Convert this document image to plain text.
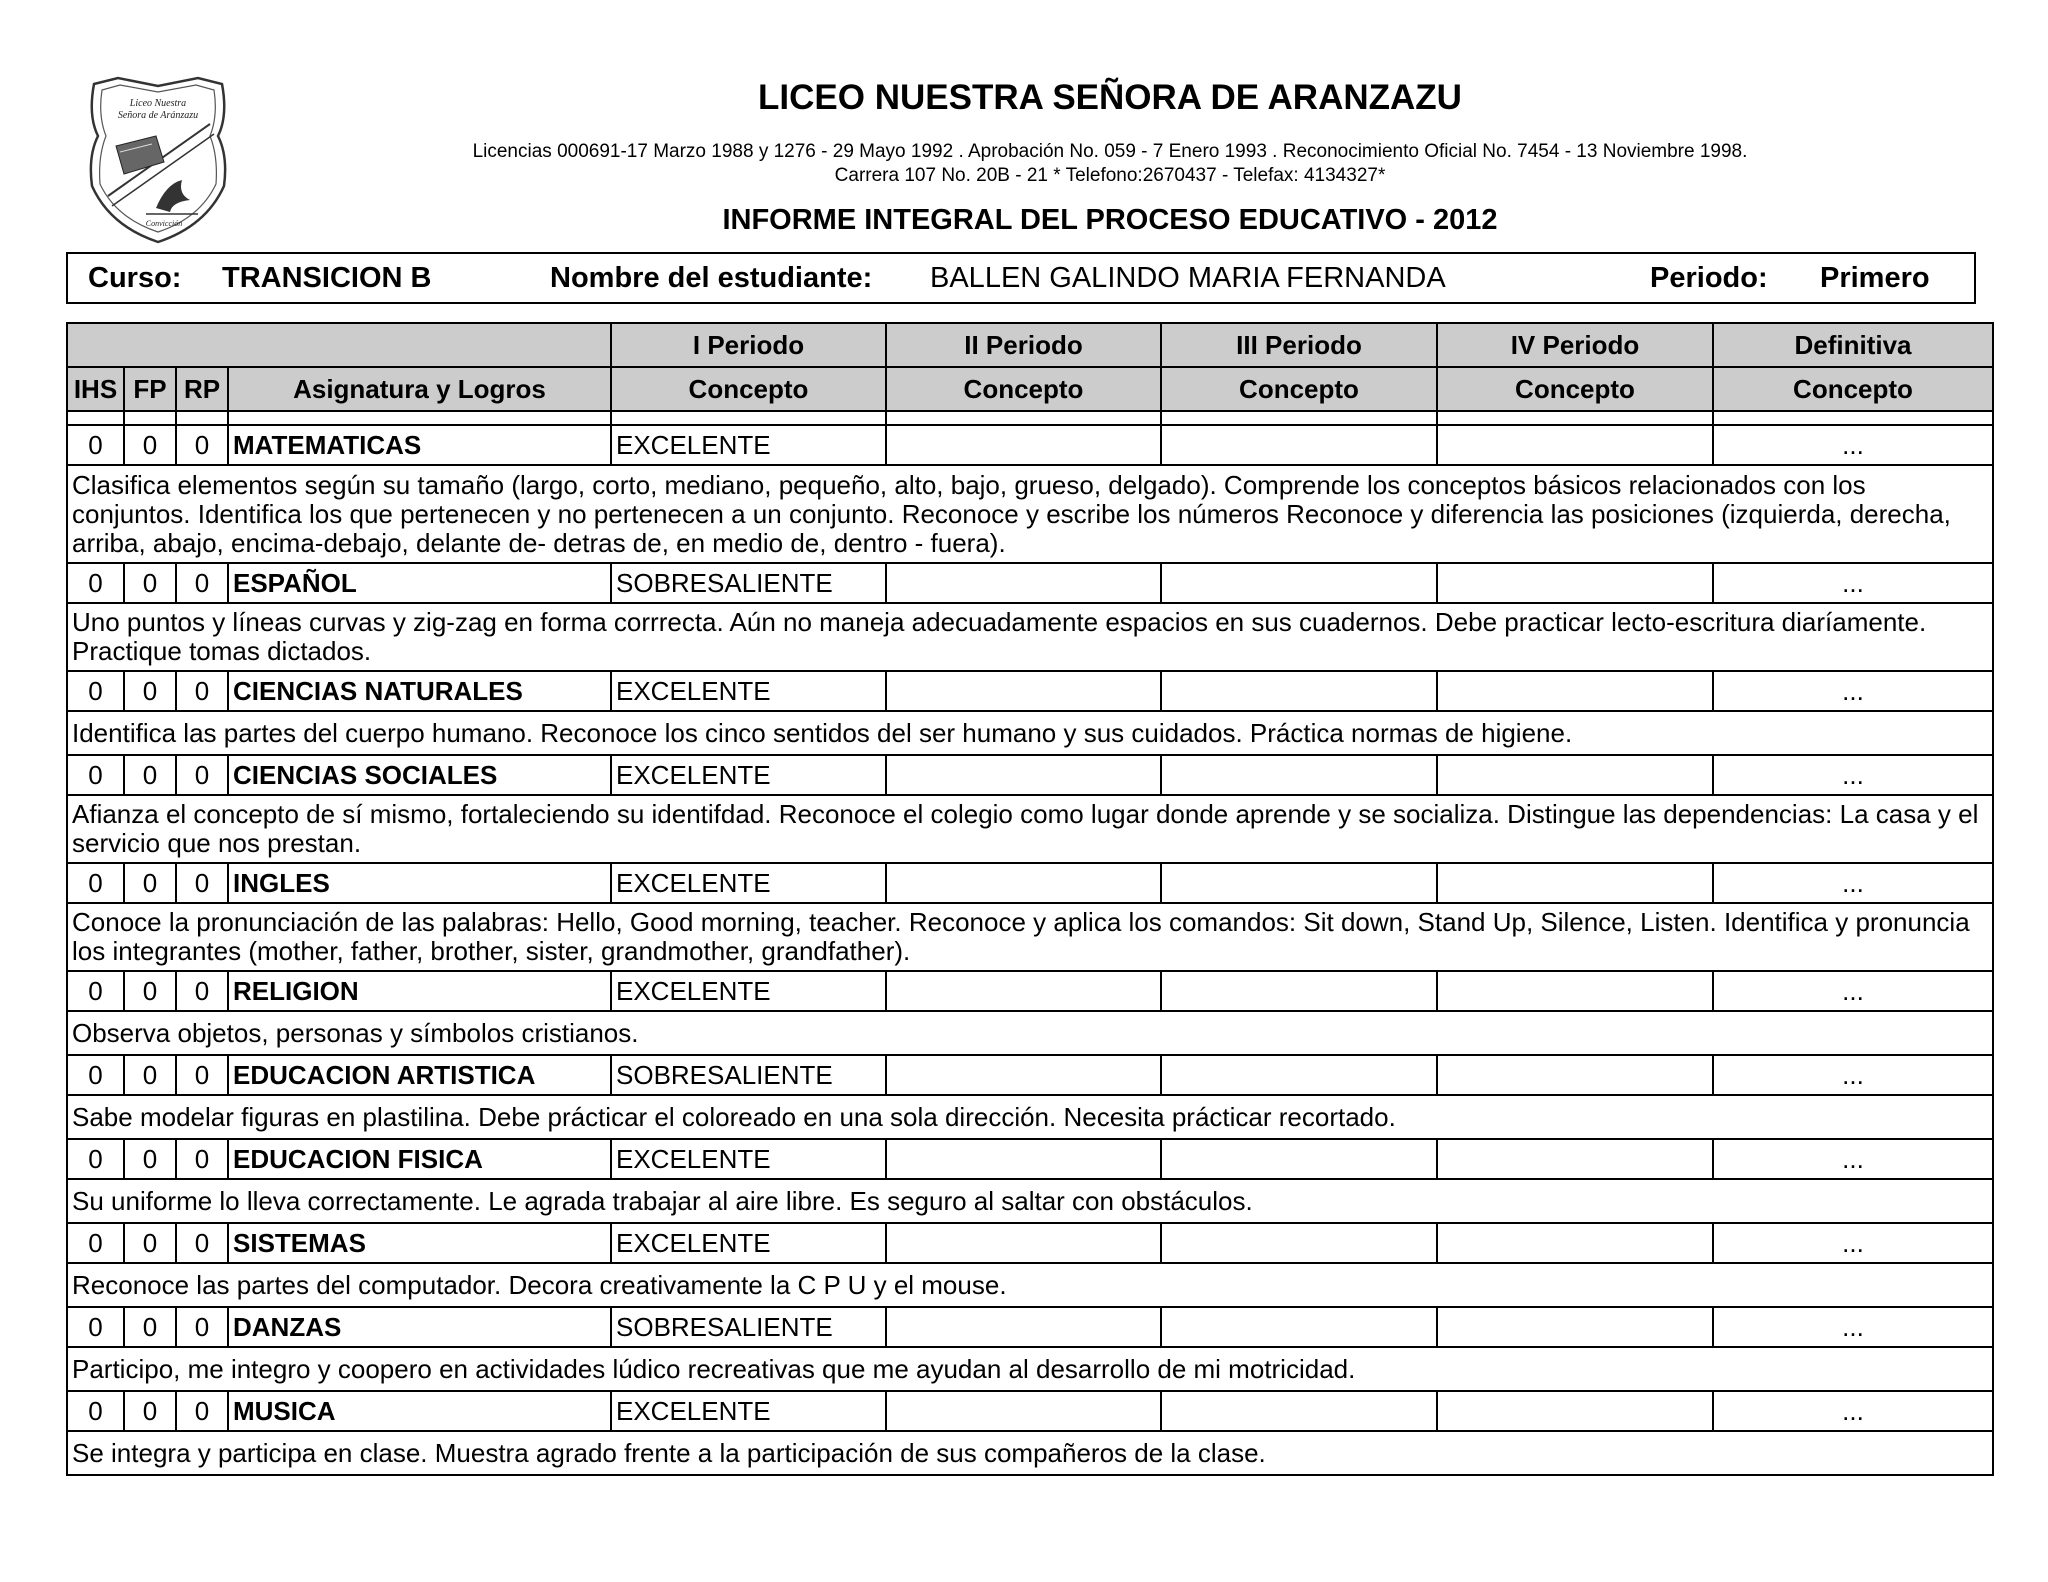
Liceo Nuestra
Señora de Aránzazu
Convicción
LICEO NUESTRA SEÑORA DE ARANZAZU
Licencias 000691-17 Marzo 1988 y 1276 - 29 Mayo 1992 . Aprobación No. 059 - 7 Enero 1993 . Reconocimiento Oficial No. 7454 - 13 Noviembre 1998.
Carrera 107 No. 20B - 21 * Telefono:2670437 - Telefax: 4134327*
INFORME INTEGRAL DEL PROCESO EDUCATIVO - 2012
Curso: TRANSICION B	Nombre del estudiante: BALLEN GALINDO MARIA FERNANDA	Periodo: Primero
				I Periodo	II Periodo	III Periodo	IV Periodo	Definitiva
IHS	FP	RP	Asignatura y Logros	Concepto	Concepto	Concepto	Concepto	Concepto

0	0	0	MATEMATICAS	EXCELENTE				...
Clasifica elementos según su tamaño (largo, corto, mediano, pequeño, alto, bajo, grueso, delgado). Comprende los conceptos básicos relacionados con los conjuntos. Identifica los que pertenecen y no pertenecen a un conjunto. Reconoce y escribe los números Reconoce y diferencia las posiciones (izquierda, derecha, arriba, abajo, encima-debajo, delante de- detras de, en medio de, dentro - fuera).								
0	0	0	ESPAÑOL	SOBRESALIENTE				...
Uno puntos y líneas curvas y zig-zag en forma corrrecta. Aún no maneja adecuadamente espacios en sus cuadernos. Debe practicar lecto-escritura diaríamente. Practique tomas dictados.								
0	0	0	CIENCIAS NATURALES	EXCELENTE				...
Identifica las partes del cuerpo humano. Reconoce los cinco sentidos del ser humano y sus cuidados. Práctica normas de higiene.								
0	0	0	CIENCIAS SOCIALES	EXCELENTE				...
Afianza el concepto de sí mismo, fortaleciendo su identifdad. Reconoce el colegio como lugar donde aprende y se socializa. Distingue las dependencias: La casa y el servicio que nos prestan.								
0	0	0	INGLES	EXCELENTE				...
Conoce la pronunciación de las palabras: Hello, Good morning, teacher. Reconoce y aplica los comandos: Sit down, Stand Up, Silence, Listen. Identifica y pronuncia los integrantes (mother, father, brother, sister, grandmother, grandfather).								
0	0	0	RELIGION	EXCELENTE				...
Observa objetos, personas y símbolos cristianos.								
0	0	0	EDUCACION ARTISTICA	SOBRESALIENTE				...
Sabe modelar figuras en plastilina. Debe prácticar el coloreado en una sola dirección. Necesita prácticar recortado.								
0	0	0	EDUCACION FISICA	EXCELENTE				...
Su uniforme lo lleva correctamente. Le agrada trabajar al aire libre. Es seguro al saltar con obstáculos.								
0	0	0	SISTEMAS	EXCELENTE				...
Reconoce las partes del computador. Decora creativamente la C P U y el mouse.								
0	0	0	DANZAS	SOBRESALIENTE				...
Participo, me integro y coopero en actividades lúdico recreativas que me ayudan al desarrollo de mi motricidad.								
0	0	0	MUSICA	EXCELENTE				...
Se integra y participa en clase. Muestra agrado frente a la participación de sus compañeros de la clase.								
